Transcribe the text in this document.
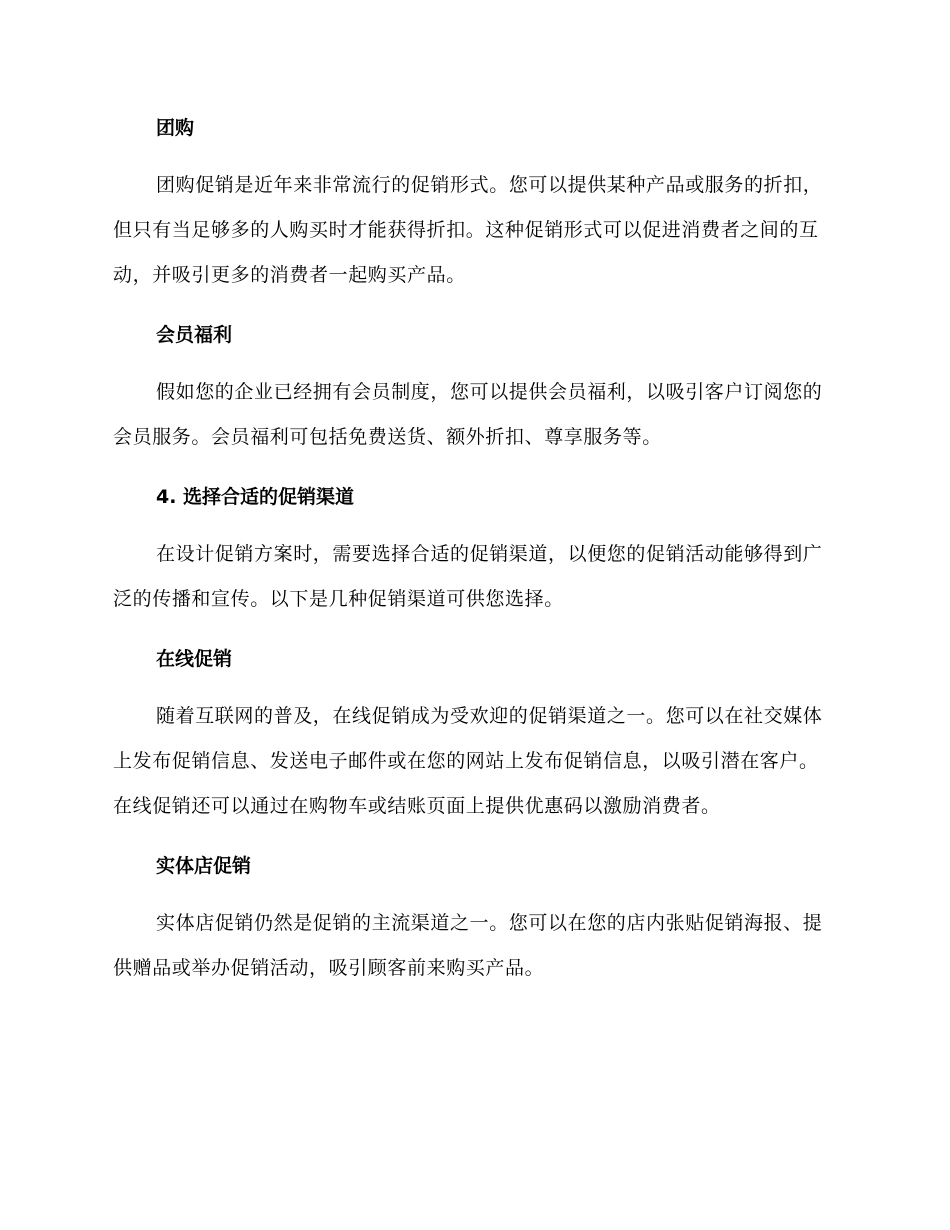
团购
团购促销是近年来非常流行的促销形式。您可以提供某种产品或服务的折扣，但只有当足够多的人购买时才能获得折扣。这种促销形式可以促进消费者之间的互动，并吸引更多的消费者一起购买产品。
会员福利
假如您的企业已经拥有会员制度，您可以提供会员福利，以吸引客户订阅您的会员服务。会员福利可包括免费送货、额外折扣、尊享服务等。
4. 选择合适的促销渠道
在设计促销方案时，需要选择合适的促销渠道，以便您的促销活动能够得到广泛的传播和宣传。以下是几种促销渠道可供您选择。
在线促销
随着互联网的普及，在线促销成为受欢迎的促销渠道之一。您可以在社交媒体上发布促销信息、发送电子邮件或在您的网站上发布促销信息，以吸引潜在客户。在线促销还可以通过在购物车或结账页面上提供优惠码以激励消费者。
实体店促销
实体店促销仍然是促销的主流渠道之一。您可以在您的店内张贴促销海报、提供赠品或举办促销活动，吸引顾客前来购买产品。
